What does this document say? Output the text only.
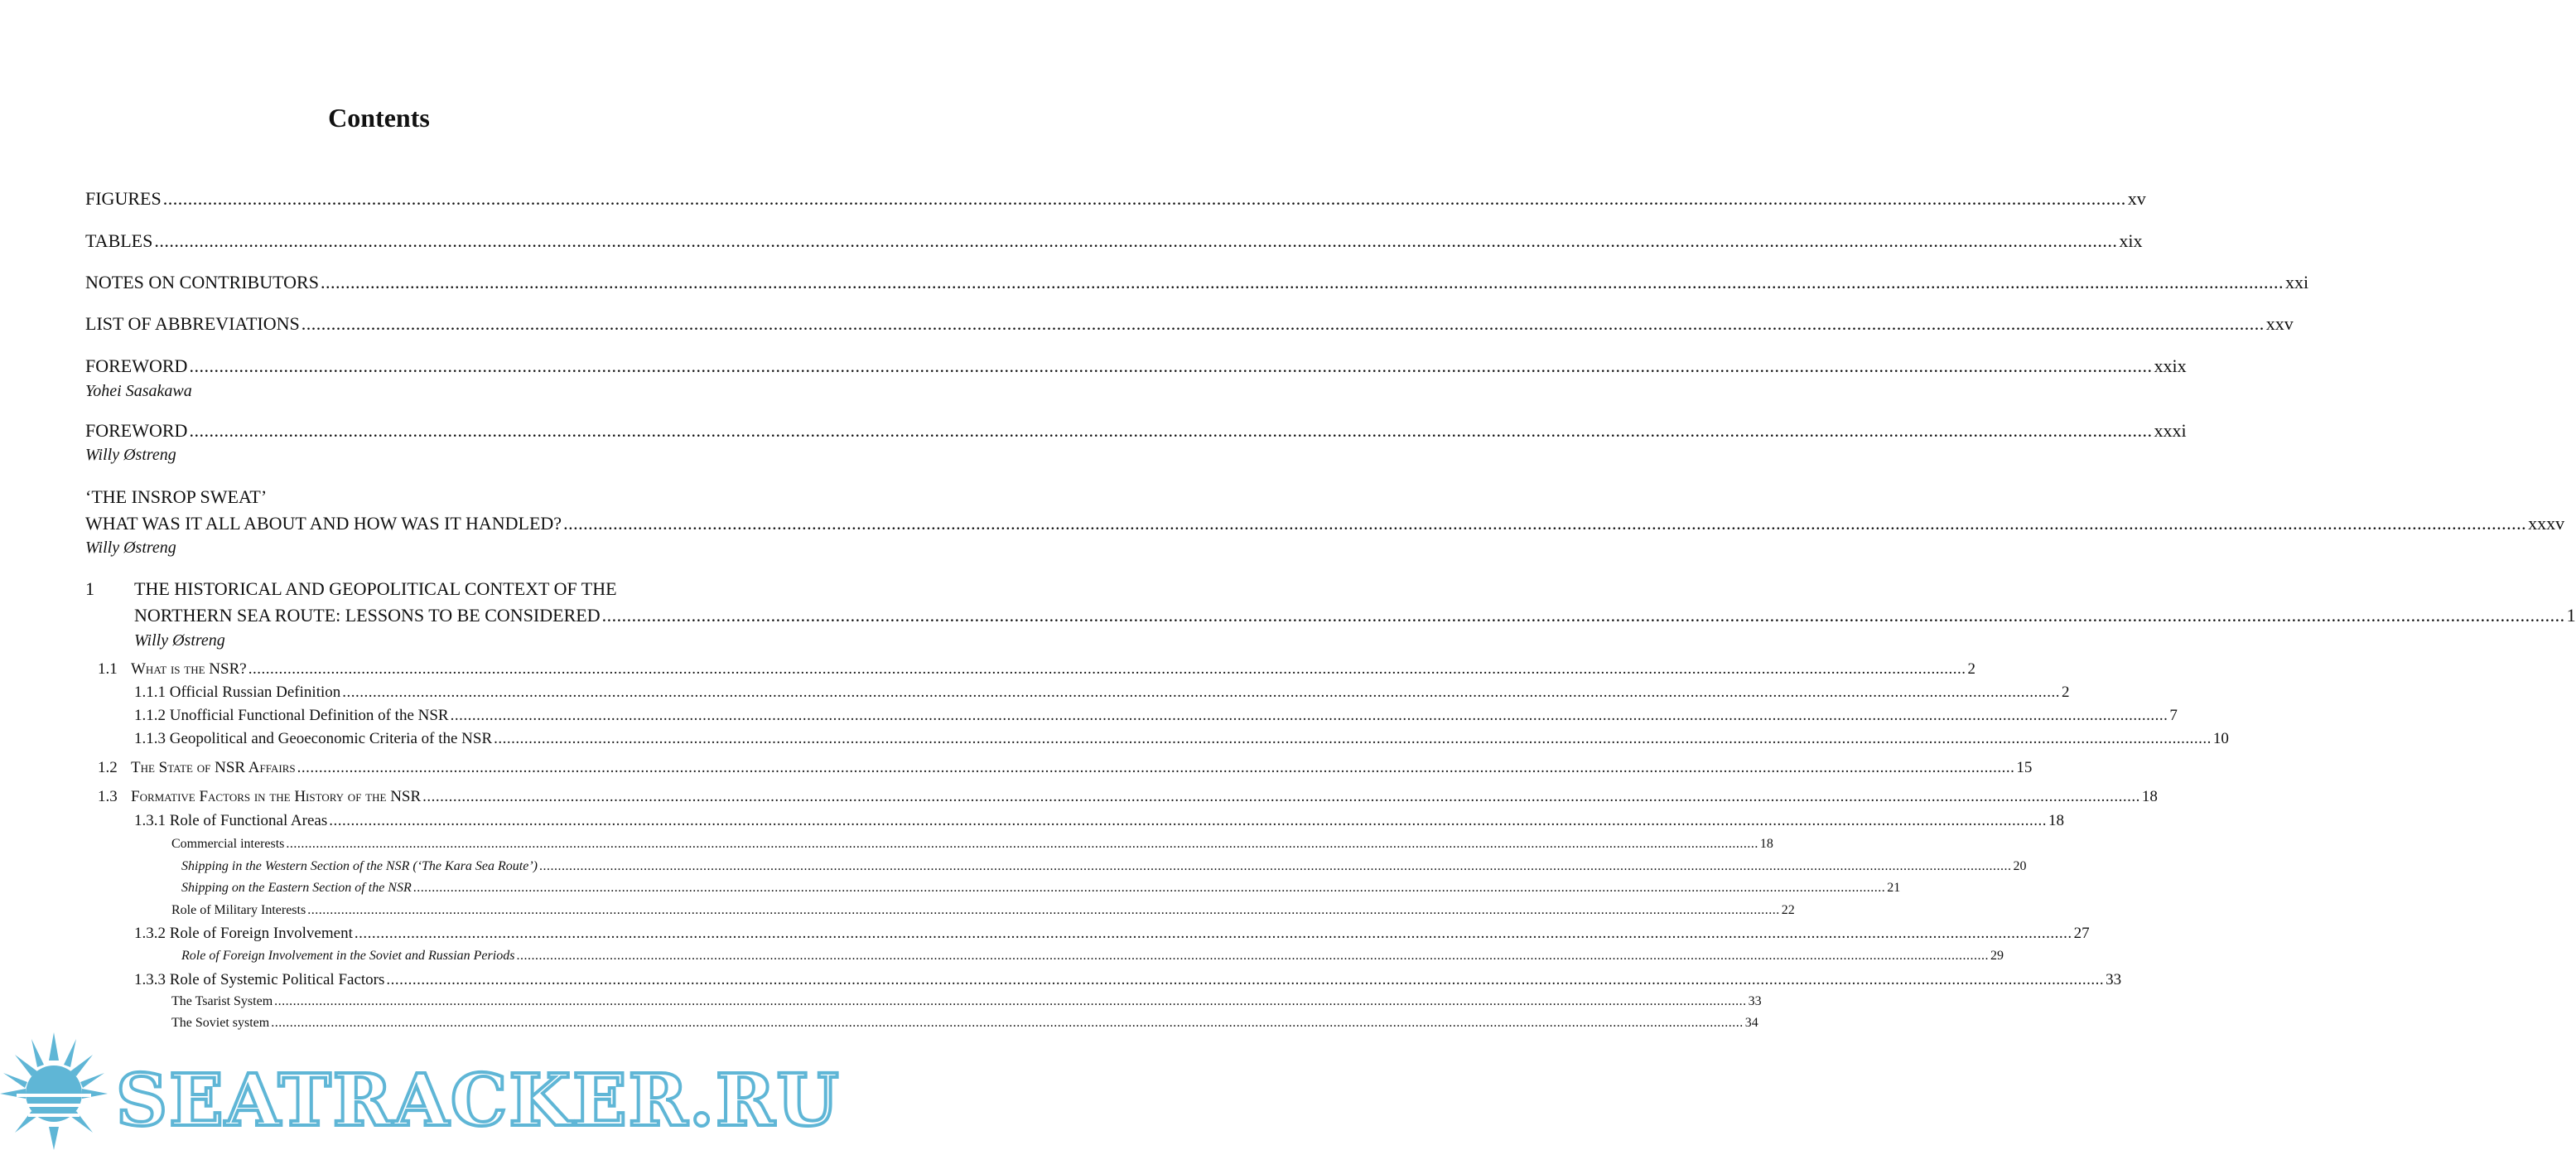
Contents
FIGURES .....	xv
TABLES .....	xix
NOTES ON CONTRIBUTORS .....	xxi
LIST OF ABBREVIATIONS .....	xxv
FOREWORD .....	xxix
Yohei Sasakawa
FOREWORD .....	xxxi
Willy Østreng
‘THE INSROP SWEAT’
WHAT WAS IT ALL ABOUT AND HOW WAS IT HANDLED? .....	xxxv
Willy Østreng
1 THE HISTORICAL AND GEOPOLITICAL CONTEXT OF THE
NORTHERN SEA ROUTE: LESSONS TO BE CONSIDERED .....	1
Willy Østreng
1.1 What is the NSR? .....	2
1.1.1 Official Russian Definition .....	2
1.1.2 Unofficial Functional Definition of the NSR .....	7
1.1.3 Geopolitical and Geoeconomic Criteria of the NSR .....	10
1.2 The State of NSR Affairs .....	15
1.3 Formative Factors in the History of the NSR .....	18
1.3.1 Role of Functional Areas .....	18
Commercial interests .....	18
Shipping in the Western Section of the NSR (‘The Kara Sea Route’) .....	20
Shipping on the Eastern Section of the NSR .....	21
Role of Military Interests .....	22
1.3.2 Role of Foreign Involvement .....	27
Role of Foreign Involvement in the Soviet and Russian Periods .....	29
1.3.3 Role of Systemic Political Factors .....	33
The Tsarist System .....	33
The Soviet system .....	34
SEATRACKER.RU
